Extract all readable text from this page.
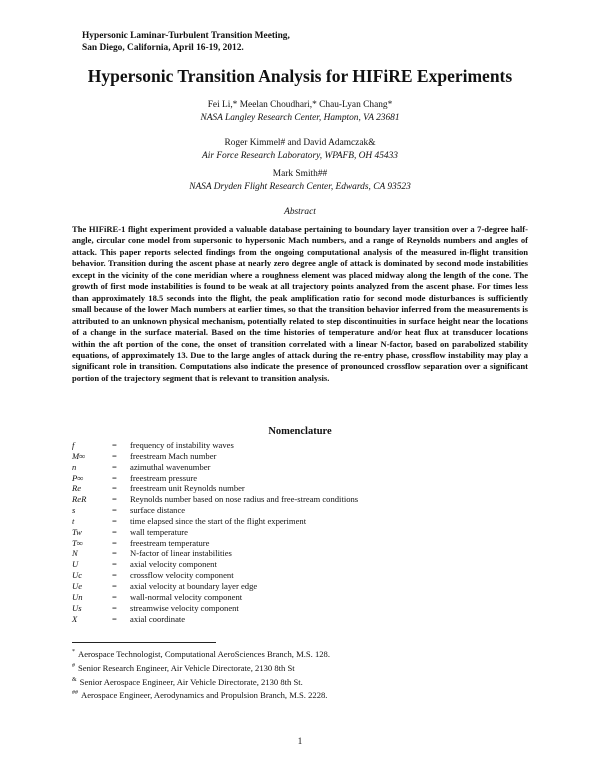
Hypersonic Laminar-Turbulent Transition Meeting,
San Diego, California, April 16-19, 2012.
Hypersonic Transition Analysis for HIFiRE Experiments
Fei Li,* Meelan Choudhari,* Chau-Lyan Chang*
NASA Langley Research Center, Hampton, VA 23681
Roger Kimmel# and David Adamczak&
Air Force Research Laboratory, WPAFB, OH 45433
Mark Smith##
NASA Dryden Flight Research Center, Edwards, CA 93523
Abstract
The HIFiRE-1 flight experiment provided a valuable database pertaining to boundary layer transition over a 7-degree half-angle, circular cone model from supersonic to hypersonic Mach numbers, and a range of Reynolds numbers and angles of attack. This paper reports selected findings from the ongoing computational analysis of the measured in-flight transition behavior. Transition during the ascent phase at nearly zero degree angle of attack is dominated by second mode instabilities except in the vicinity of the cone meridian where a roughness element was placed midway along the length of the cone. The growth of first mode instabilities is found to be weak at all trajectory points analyzed from the ascent phase. For times less than approximately 18.5 seconds into the flight, the peak amplification ratio for second mode disturbances is sufficiently small because of the lower Mach numbers at earlier times, so that the transition behavior inferred from the measurements is attributed to an unknown physical mechanism, potentially related to step discontinuities in surface height near the locations of a change in the surface material. Based on the time histories of temperature and/or heat flux at transducer locations within the aft portion of the cone, the onset of transition correlated with a linear N-factor, based on parabolized stability equations, of approximately 13. Due to the large angles of attack during the re-entry phase, crossflow instability may play a significant role in transition. Computations also indicate the presence of pronounced crossflow separation over a significant portion of the trajectory segment that is relevant to transition analysis.
Nomenclature
f	=	frequency of instability waves
M∞	=	freestream Mach number
n	=	azimuthal wavenumber
P∞	=	freestream pressure
Re	=	freestream unit Reynolds number
ReR	=	Reynolds number based on nose radius and free-stream conditions
s	=	surface distance
t	=	time elapsed since the start of the flight experiment
Tw	=	wall temperature
T∞	=	freestream temperature
N	=	N-factor of linear instabilities
U	=	axial velocity component
Uc	=	crossflow velocity component
Ue	=	axial velocity at boundary layer edge
Un	=	wall-normal velocity component
Us	=	streamwise velocity component
X	=	axial coordinate
* Aerospace Technologist, Computational AeroSciences Branch, M.S. 128.
# Senior Research Engineer, Air Vehicle Directorate, 2130 8th St
& Senior Aerospace Engineer, Air Vehicle Directorate, 2130 8th St.
## Aerospace Engineer, Aerodynamics and Propulsion Branch, M.S. 2228.
1
